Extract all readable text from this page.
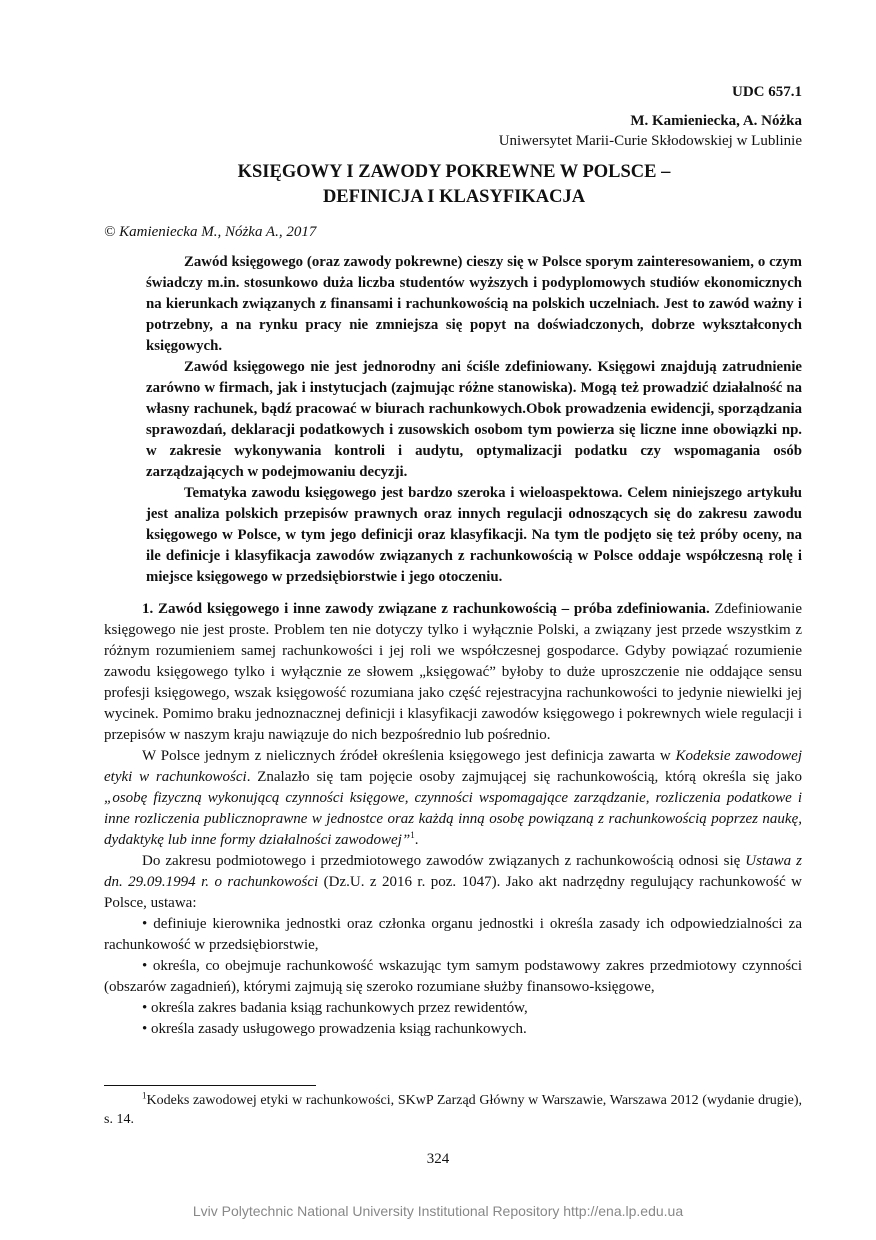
UDC 657.1
M. Kamieniecka, A. Nóżka
Uniwersytet Marii-Curie Skłodowskiej w Lublinie
KSIĘGOWY I ZAWODY POKREWNE W POLSCE –
DEFINICJA I KLASYFIKACJA
© Kamieniecka M., Nóżka A., 2017

Zawód księgowego (oraz zawody pokrewne) cieszy się w Polsce sporym zainteresowaniem, o czym świadczy m.in. stosunkowo duża liczba studentów wyższych i podyplomowych studiów ekonomicznych na kierunkach związanych z finansami i rachunkowością na polskich uczelniach. Jest to zawód ważny i potrzebny, a na rynku pracy nie zmniejsza się popyt na doświadczonych, dobrze wykształconych księgowych.

Zawód księgowego nie jest jednorodny ani ściśle zdefiniowany. Księgowi znajdują zatrudnienie zarówno w firmach, jak i instytucjach (zajmując różne stanowiska). Mogą też prowadzić działalność na własny rachunek, bądź pracować w biurach rachunkowych.Obok prowadzenia ewidencji, sporządzania sprawozdań, deklaracji podatkowych i zusowskich osobom tym powierza się liczne inne obowiązki np. w zakresie wykonywania kontroli i audytu, optymalizacji podatku czy wspomagania osób zarządzających w podejmowaniu decyzji.

Tematyka zawodu księgowego jest bardzo szeroka i wieloaspektowa. Celem niniejszego artykułu jest analiza polskich przepisów prawnych oraz innych regulacji odnoszących się do zakresu zawodu księgowego w Polsce, w tym jego definicji oraz klasyfikacji. Na tym tle podjęto się też próby oceny, na ile definicje i klasyfikacja zawodów związanych z rachunkowością w Polsce oddaje współczesną rolę i miejsce księgowego w przedsiębiorstwie i jego otoczeniu.

1. Zawód księgowego i inne zawody związane z rachunkowością – próba zdefiniowania. Zdefiniowanie księgowego nie jest proste. Problem ten nie dotyczy tylko i wyłącznie Polski, a związany jest przede wszystkim z różnym rozumieniem samej rachunkowości i jej roli we współczesnej gospodarce. Gdyby powiązać rozumienie zawodu księgowego tylko i wyłącznie ze słowem „księgować” byłoby to duże uproszczenie nie oddające sensu profesji księgowego, wszak księgowość rozumiana jako część rejestracyjna rachunkowości to jedynie niewielki jej wycinek. Pomimo braku jednoznacznej definicji i klasyfikacji zawodów księgowego i pokrewnych wiele regulacji i przepisów w naszym kraju nawiązuje do nich bezpośrednio lub pośrednio.

W Polsce jednym z nielicznych źródeł określenia księgowego jest definicja zawarta w Kodeksie zawodowej etyki w rachunkowości. Znalazło się tam pojęcie osoby zajmującej się rachunkowością, którą określa się jako „osobę fizyczną wykonującą czynności księgowe, czynności wspomagające zarządzanie, rozliczenia podatkowe i inne rozliczenia publicznoprawne w jednostce oraz każdą inną osobę powiązaną z rachunkowością poprzez naukę, dydaktykę lub inne formy działalności zawodowej”$^1$.

Do zakresu podmiotowego i przedmiotowego zawodów związanych z rachunkowością odnosi się Ustawa z dn. 29.09.1994 r. o rachunkowości (Dz.U. z 2016 r. poz. 1047). Jako akt nadrzędny regulujący rachunkowość w Polsce, ustawa:

• definiuje kierownika jednostki oraz członka organu jednostki i określa zasady ich odpowiedzialności za rachunkowość w przedsiębiorstwie,

• określa, co obejmuje rachunkowość wskazując tym samym podstawowy zakres przedmiotowy czynności (obszarów zagadnień), którymi zajmują się szeroko rozumiane służby finansowo-księgowe,

• określa zakres badania ksiąg rachunkowych przez rewidentów,

• określa zasady usługowego prowadzenia ksiąg rachunkowych.

$^1$Kodeks zawodowej etyki w rachunkowości, SKwP Zarząd Główny w Warszawie, Warszawa 2012 (wydanie drugie), s. 14.
324
Lviv Polytechnic National University Institutional Repository http://ena.lp.edu.ua
